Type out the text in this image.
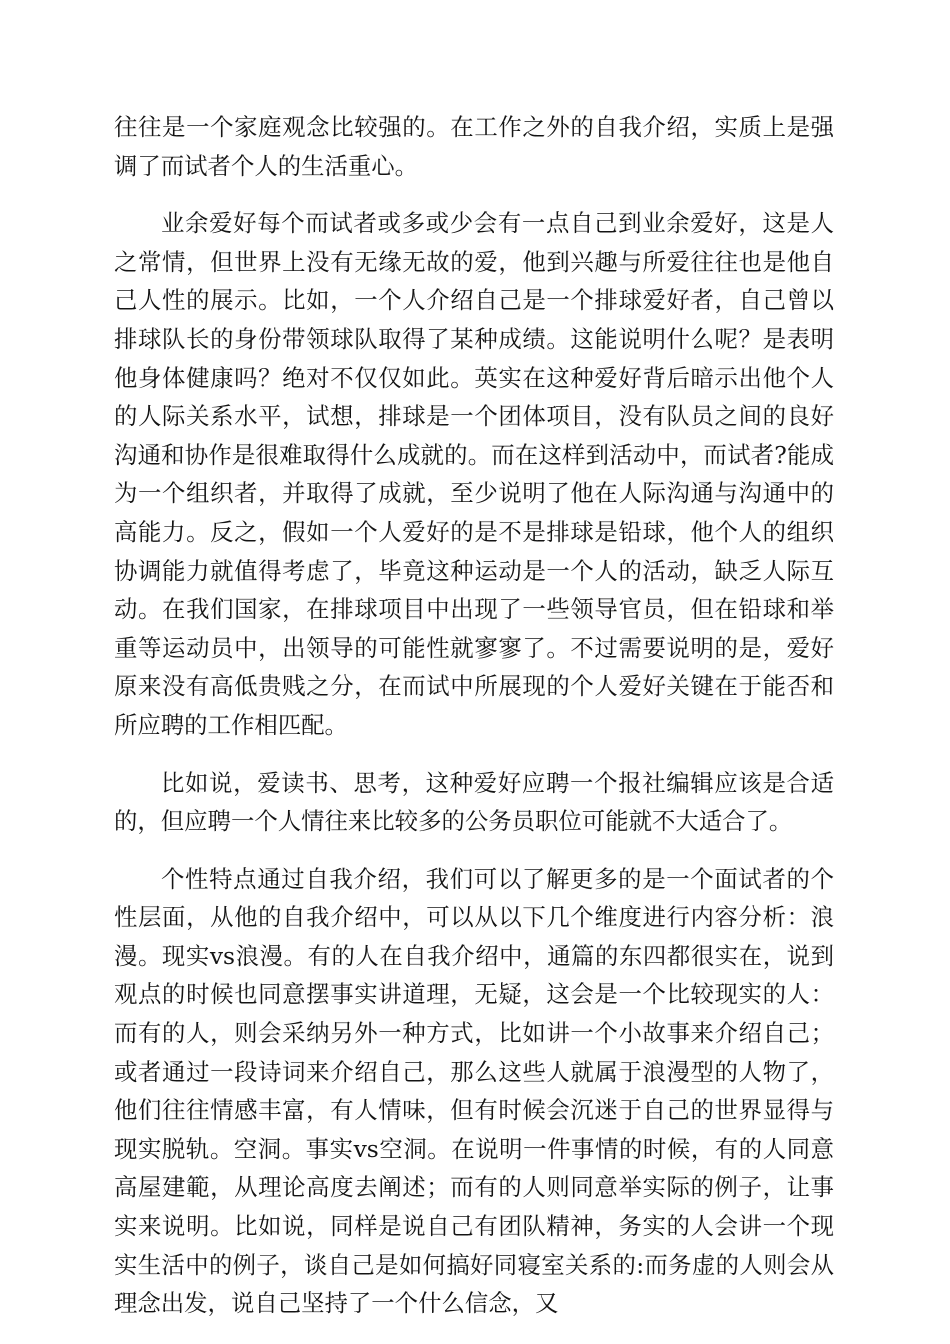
往往是一个家庭观念比较强的。在工作之外的自我介绍，实质上是强调了而试者个人的生活重心。

业余爱好每个而试者或多或少会有一点自己到业余爱好，这是人之常情，但世界上没有无缘无故的爱，他到兴趣与所爱往往也是他自己人性的展示。比如，一个人介绍自己是一个排球爱好者，自己曾以排球队长的身份带领球队取得了某种成绩。这能说明什么呢？是表明他身体健康吗？绝对不仅仅如此。英实在这种爱好背后暗示出他个人的人际关系水平，试想，排球是一个团体项目，没有队员之间的良好沟通和协作是很难取得什么成就的。而在这样到活动中，而试者?能成为一个组织者，并取得了成就，至少说明了他在人际沟通与沟通中的高能力。反之，假如一个人爱好的是不是排球是铅球，他个人的组织协调能力就值得考虑了，毕竟这种运动是一个人的活动，缺乏人际互动。在我们国家，在排球项目中出现了一些领导官员，但在铅球和举重等运动员中，出领导的可能性就寥寥了。不过需要说明的是，爱好原来没有高低贵贱之分，在而试中所展现的个人爱好关键在于能否和所应聘的工作相匹配。

比如说，爱读书、思考，这种爱好应聘一个报社编辑应该是合适的，但应聘一个人情往来比较多的公务员职位可能就不大适合了。

个性特点通过自我介绍，我们可以了解更多的是一个面试者的个性层面，从他的自我介绍中，可以从以下几个维度进行内容分析：浪漫。现实vs浪漫。有的人在自我介绍中，通篇的东四都很实在，说到观点的时候也同意摆事实讲道理，无疑，这会是一个比较现实的人：而有的人，则会采纳另外一种方式，比如讲一个小故事来介绍自己；或者通过一段诗词来介绍自己，那么这些人就属于浪漫型的人物了，他们往往情感丰富，有人情味，但有时候会沉迷于自己的世界显得与现实脱轨。空洞。事实vs空洞。在说明一件事情的时候，有的人同意高屋建範，从理论高度去阐述；而有的人则同意举实际的例子，让事实来说明。比如说，同样是说自己有团队精神，务实的人会讲一个现实生活中的例子，谈自己是如何搞好同寝室关系的:而务虚的人则会从理念出发，说自己坚持了一个什么信念，又
